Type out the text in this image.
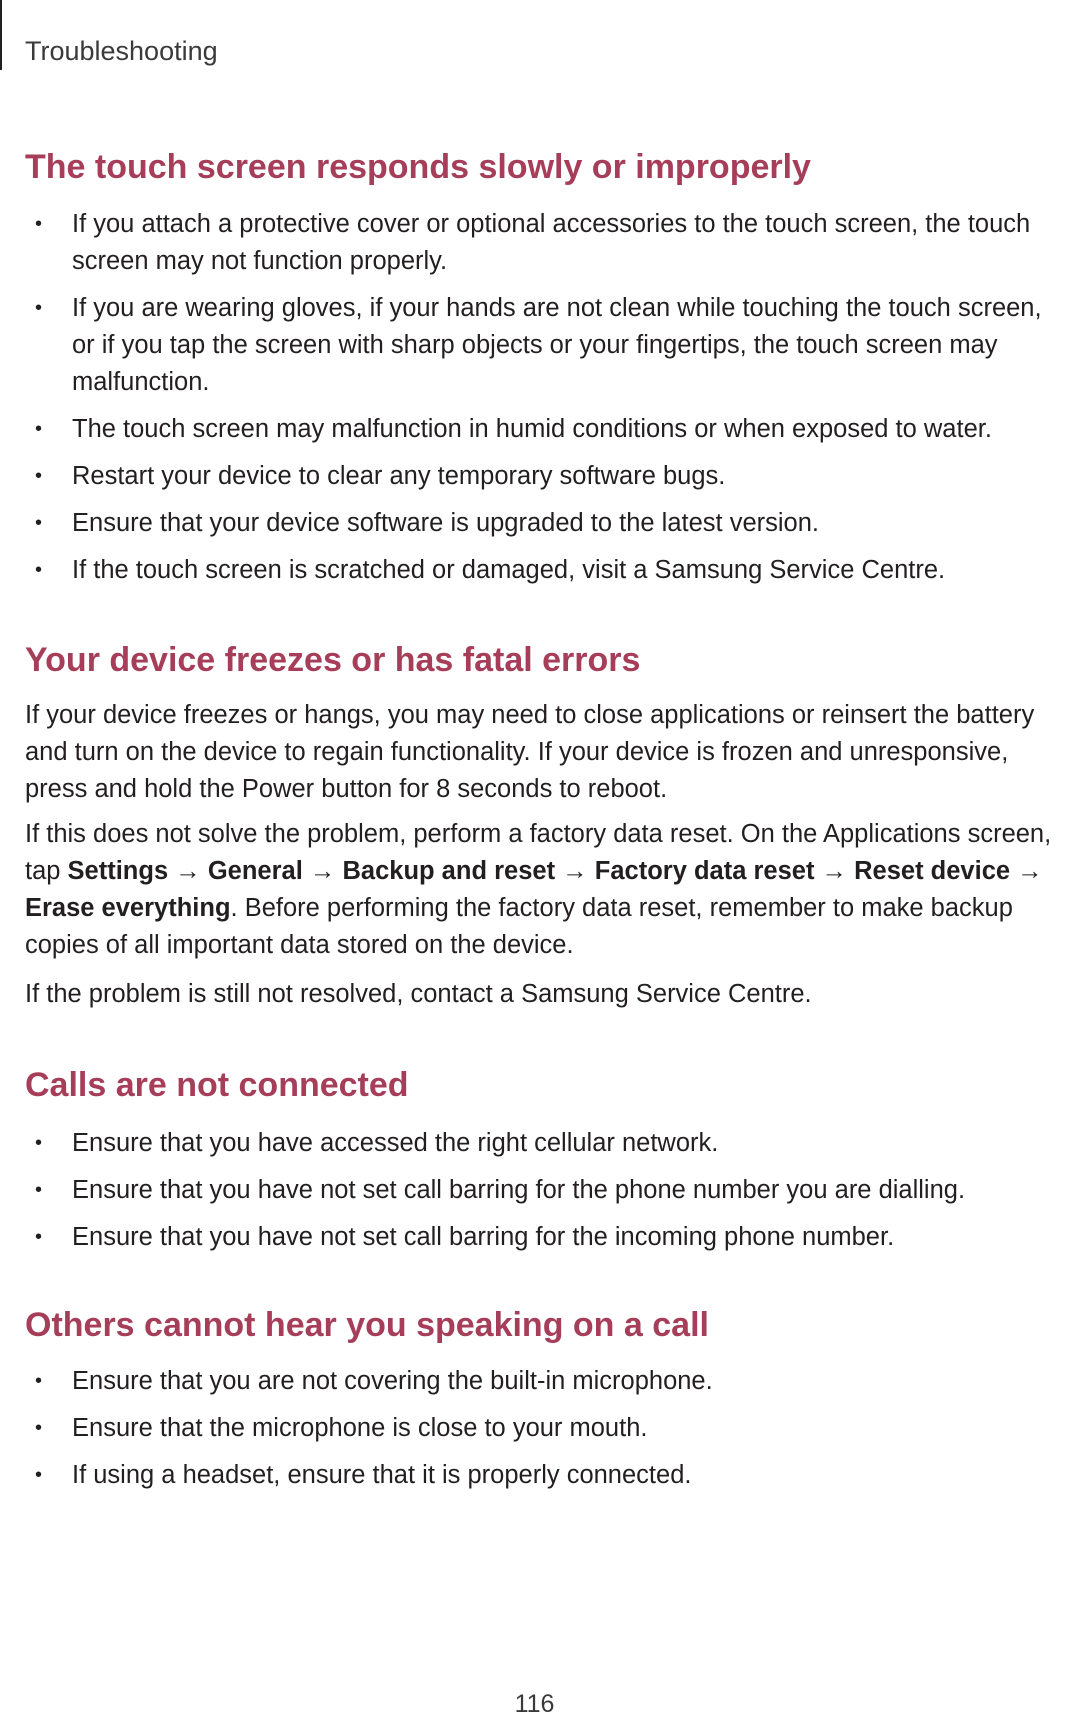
Troubleshooting
The touch screen responds slowly or improperly
• If you attach a protective cover or optional accessories to the touch screen, the touch screen may not function properly.
• If you are wearing gloves, if your hands are not clean while touching the touch screen, or if you tap the screen with sharp objects or your fingertips, the touch screen may malfunction.
• The touch screen may malfunction in humid conditions or when exposed to water.
• Restart your device to clear any temporary software bugs.
• Ensure that your device software is upgraded to the latest version.
• If the touch screen is scratched or damaged, visit a Samsung Service Centre.
Your device freezes or has fatal errors

If your device freezes or hangs, you may need to close applications or reinsert the battery and turn on the device to regain functionality. If your device is frozen and unresponsive, press and hold the Power button for 8 seconds to reboot.

If this does not solve the problem, perform a factory data reset. On the Applications screen, tap Settings → General → Backup and reset → Factory data reset → Reset device → Erase everything. Before performing the factory data reset, remember to make backup copies of all important data stored on the device.

If the problem is still not resolved, contact a Samsung Service Centre.

Calls are not connected
• Ensure that you have accessed the right cellular network.
• Ensure that you have not set call barring for the phone number you are dialling.
• Ensure that you have not set call barring for the incoming phone number.
Others cannot hear you speaking on a call
• Ensure that you are not covering the built-in microphone.
• Ensure that the microphone is close to your mouth.
• If using a headset, ensure that it is properly connected.
116
